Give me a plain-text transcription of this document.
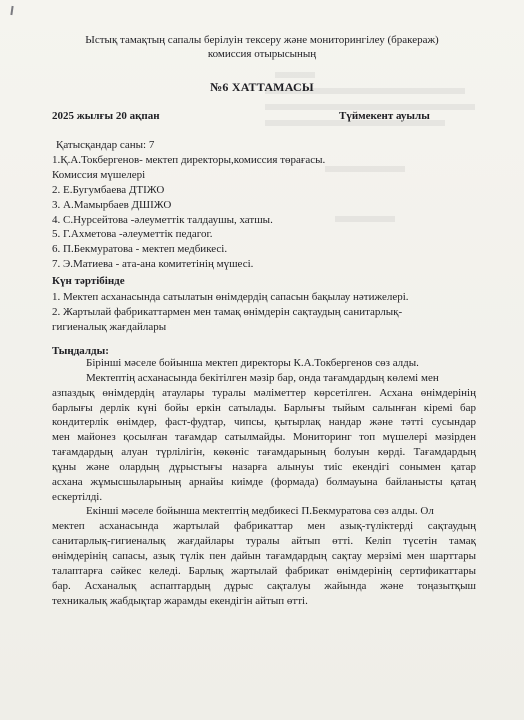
Ыстық тамақтың сапалы берілуін тексеру және мониторингілеу (бракераж)
комиссия отырысының
№6 ХАТТАМАСЫ
2025 жылғы 20 ақпан	Түймекент ауылы
Қатысқандар саны: 7
1.Қ.А.Токбергенов- мектеп директоры,комиссия төрағасы.
Комиссия мүшелері
2. Е.Бугумбаева ДТІЖО
3. А.Мамырбаев ДШІЖО
4. С.Нурсейтова -әлеуметтік талдаушы, хатшы.
5. Г.Ахметова -әлеуметтік педагог.
6. П.Бекмуратова - мектеп медбикесі.
7. Э.Матиева - ата-ана комитетінің мүшесі.
Күн тәртібінде
1. Мектеп асханасында сатылатын өнімдердің сапасын бақылау нәтижелері.
2. Жартылай фабрикаттармен мен тамақ өнімдерін сақтаудың санитарлық-
гигиеналық жағдайлары
Тыңдалды:
Бірінші мәселе бойынша мектеп директоры К.А.Токбергенов сөз алды.
Мектептің асханасында бекітілген мәзір бар, онда тағамдардың көлемі мен
азпаздық өнімдердің атаулары туралы мәліметтер көрсетілген. Асхана өнімдерінің
барлығы дерлік күні бойы еркін сатылады. Барлығы тыйым салынған кіремі бар
кондитерлік өнімдер, фаст-фудтар, чипсы, қытырлақ нандар және тәтті сусындар
мен майонез қосылған тағамдар сатылмайды. Мониторинг топ мүшелері мәзірден
тағамдардың алуан түрлілігін, көкөніс тағамдарының болуын көрді. Тағамдардың
құны және олардың дұрыстығы назарға алынуы тиіс екендігі сонымен қатар
асхана жұмысшыларының арнайы киімде (формада) болмауына байланысты қатаң
ескертілді.
Екінші мәселе бойынша мектептің медбикесі П.Бекмуратова сөз алды. Ол
мектеп асханасында жартылай фабрикаттар мен азық-түліктерді сақтаудың
санитарлық-гигиеналық жағдайлары туралы айтып өтті. Келіп түсетін тамақ
өнімдерінің сапасы, азық түлік пен дайын тағамдардың сақтау мерзімі мен шарттары
талаптарға сәйкес келеді. Барлық жартылай фабрикат өнімдерінің сертификаттары
бар. Асханалық аспаптардың дұрыс сақталуы жайында және тоңазытқыш
техникалық жабдықтар жарамды екендігін айтып өтті.
